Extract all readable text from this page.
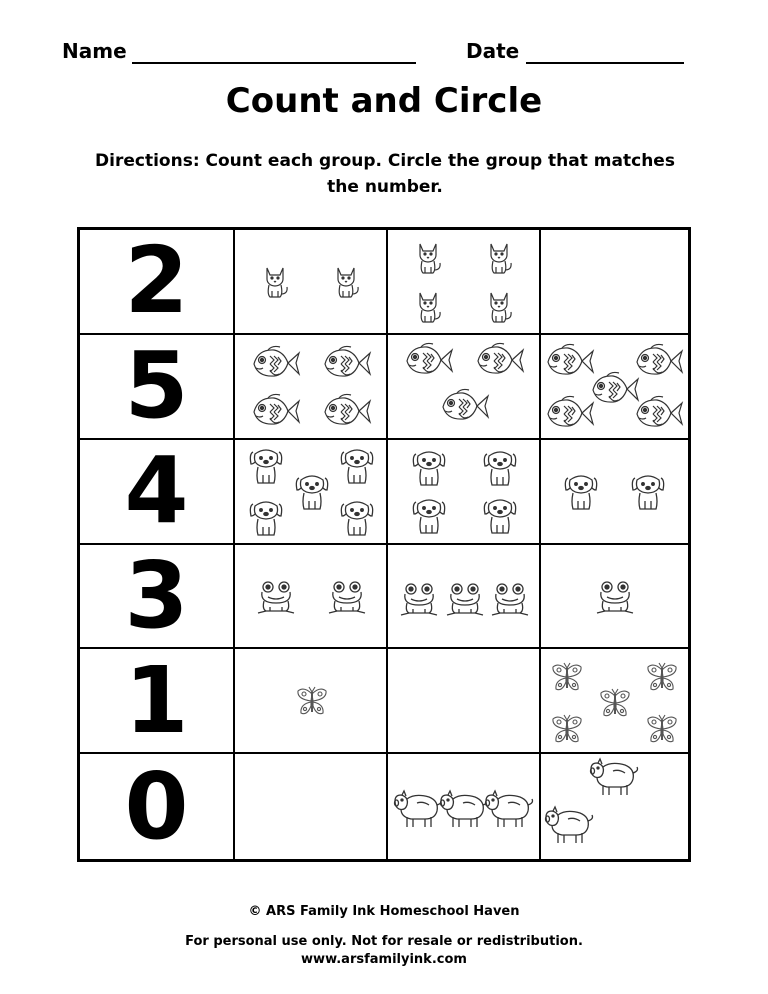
Name	Date
Count and Circle
Directions: Count each group. Circle the group that matches
the number.
2
5
4
3
1
0
© ARS Family Ink Homeschool Haven
For personal use only. Not for resale or redistribution.
www.arsfamilyink.com
